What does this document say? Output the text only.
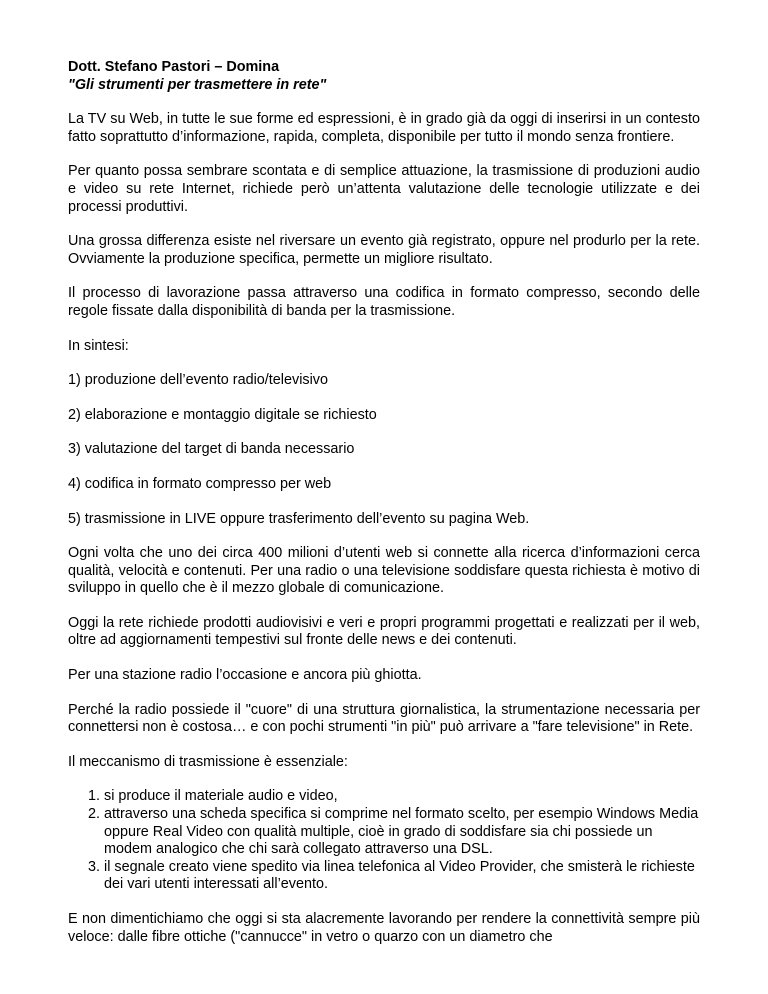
Dott. Stefano Pastori – Domina
"Gli strumenti per trasmettere in rete"

La TV su Web, in tutte le sue forme ed espressioni, è in grado già da oggi di inserirsi in un contesto fatto soprattutto d’informazione, rapida, completa, disponibile per tutto il mondo senza frontiere.

Per quanto possa sembrare scontata e di semplice attuazione, la trasmissione di produzioni audio e video su rete Internet, richiede però un’attenta valutazione delle tecnologie utilizzate e dei processi produttivi.

Una grossa differenza esiste nel riversare un evento già registrato, oppure nel produrlo per la rete. Ovviamente la produzione specifica, permette un migliore risultato.

Il processo di lavorazione passa attraverso una codifica in formato compresso, secondo delle regole fissate dalla disponibilità di banda per la trasmissione.

In sintesi:

1) produzione dell’evento radio/televisivo

2) elaborazione e montaggio digitale se richiesto

3) valutazione del target di banda necessario

4) codifica in formato compresso per web

5) trasmissione in LIVE oppure trasferimento dell’evento su pagina Web.

Ogni volta che uno dei circa 400 milioni d’utenti web si connette alla ricerca d’informazioni cerca qualità, velocità e contenuti. Per una radio o una televisione soddisfare questa richiesta è motivo di sviluppo in quello che è il mezzo globale di comunicazione.

Oggi la rete richiede prodotti audiovisivi e veri e propri programmi progettati e realizzati per il web, oltre ad aggiornamenti tempestivi sul fronte delle news e dei contenuti.

Per una stazione radio l’occasione e ancora più ghiotta.

Perché la radio possiede il "cuore" di una struttura giornalistica, la strumentazione necessaria per connettersi non è costosa… e con pochi strumenti "in più" può arrivare a "fare televisione" in Rete.

Il meccanismo di trasmissione è essenziale:

1. si produce il materiale audio e video,
2. attraverso una scheda specifica si comprime nel formato scelto, per esempio Windows Media oppure Real Video con qualità multiple, cioè in grado di soddisfare sia chi possiede un modem analogico che chi sarà collegato attraverso una DSL.
3. il segnale creato viene spedito via linea telefonica al Video Provider, che smisterà le richieste dei vari utenti interessati all’evento.

E non dimentichiamo che oggi si sta alacremente lavorando per rendere la connettività sempre più veloce: dalle fibre ottiche ("cannucce" in vetro o quarzo con un diametro che
